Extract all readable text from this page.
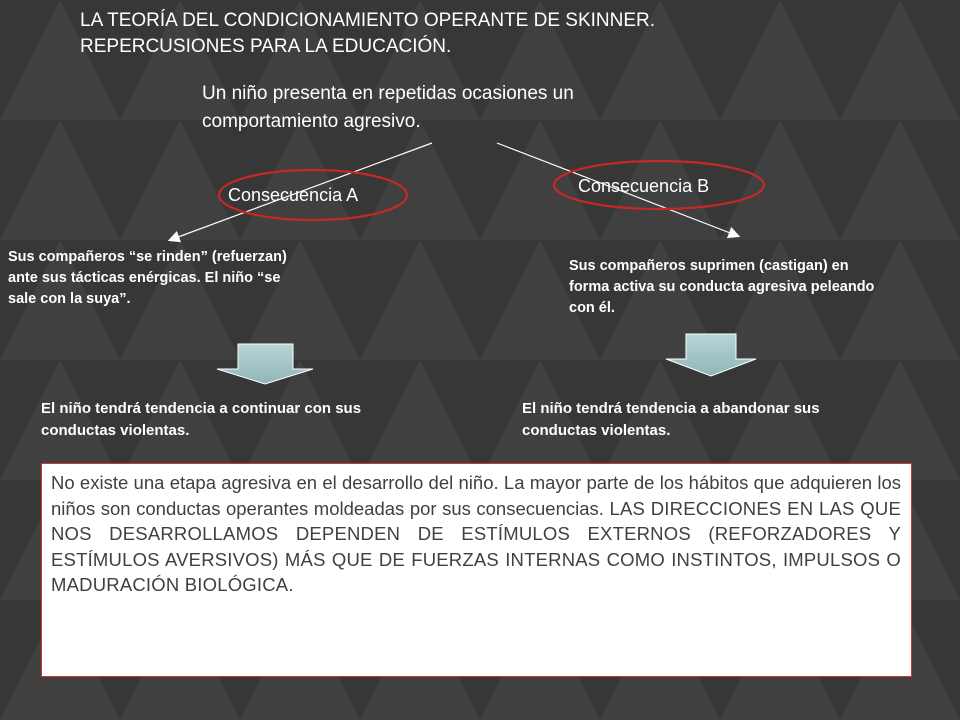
LA TEORÍA DEL CONDICIONAMIENTO OPERANTE DE SKINNER.
REPERCUSIONES PARA LA EDUCACIÓN.
Un niño presenta en repetidas ocasiones un
comportamiento agresivo.
Consecuencia A	Consecuencia B
Sus compañeros “se rinden” (refuerzan)
ante sus tácticas enérgicas. El niño “se
sale con la suya”.
Sus compañeros suprimen (castigan) en
forma activa su conducta agresiva peleando
con él.
El niño tendrá tendencia a continuar con sus
conductas violentas.
El niño tendrá tendencia a abandonar sus
conductas violentas.
No existe una etapa agresiva en el desarrollo del niño. La mayor parte de los hábitos que adquieren los niños son conductas operantes moldeadas por sus consecuencias. LAS DIRECCIONES EN LAS QUE NOS DESARROLLAMOS DEPENDEN DE ESTÍMULOS EXTERNOS (REFORZADORES Y ESTÍMULOS AVERSIVOS) MÁS QUE DE FUERZAS INTERNAS COMO INSTINTOS, IMPULSOS O MADURACIÓN BIOLÓGICA.
